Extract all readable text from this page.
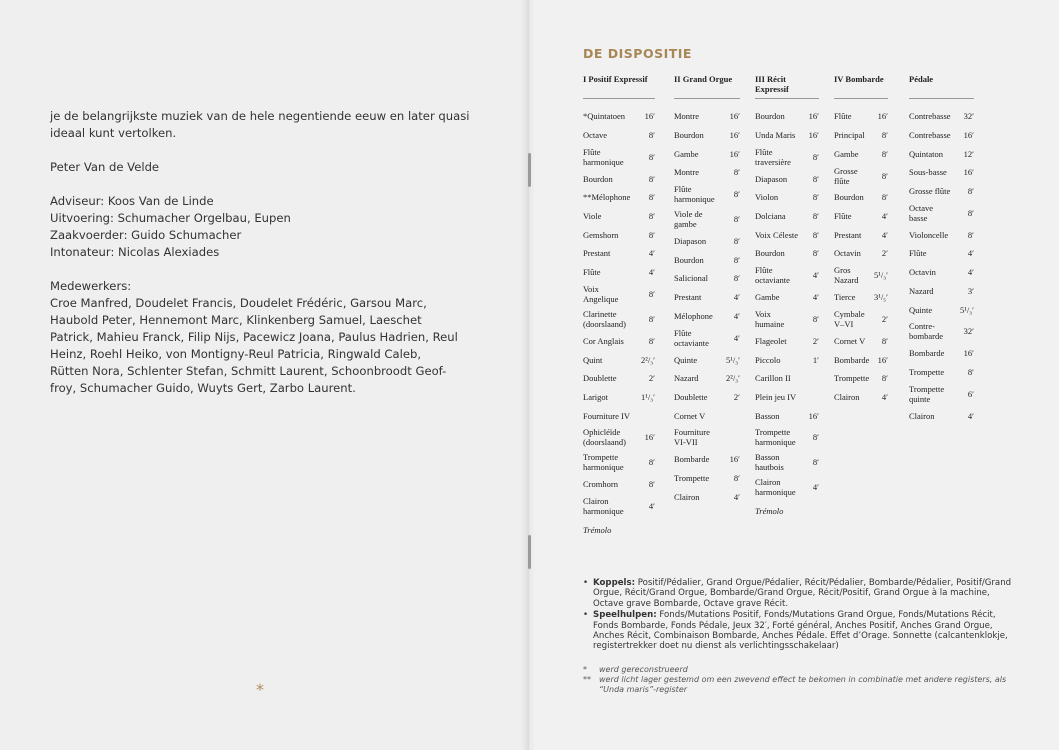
je de belangrijkste muziek van de hele negentiende eeuw en later quasi
ideaal kunt vertolken.

Peter Van de Velde

Adviseur: Koos Van de Linde
Uitvoering: Schumacher Orgelbau, Eupen
Zaakvoerder: Guido Schumacher
Intonateur: Nicolas Alexiades

Medewerkers:
Croe Manfred, Doudelet Francis, Doudelet Frédéric, Garsou Marc,
Haubold Peter, Hennemont Marc, Klinkenberg Samuel, Laeschet
Patrick, Mahieu Franck, Filip Nijs, Pacewicz Joana, Paulus Hadrien, Reul
Heinz, Roehl Heiko, von Montigny-Reul Patricia, Ringwald Caleb,
Rütten Nora, Schlenter Stefan, Schmitt Laurent, Schoonbroodt Geof-
froy, Schumacher Guido, Wuyts Gert, Zarbo Laurent.

*
DE DISPOSITIE
I Positif Expressif
*Quintatoen 16′
Octave	8′
Flûte
harmonique	8′
Bourdon	8′
**Mélophone 8′
Viole	8′
Gemshorn	8′
Prestant	4′
Flûte	4′
Voix
Angelique	8′
Clarinette
(doorslaand)	8′
Cor Anglais	8′
Quint	2²/₃′
Doublette	2′
Larigot	1¹/₃′
Fourniture IV
Ophicléïde
(doorslaand) 16′
Trompette
harmonique	8′
Cromhorn	8′
Clairon
harmonique	4′
Trémolo
II Grand Orgue
Montre	16′
Bourdon	16′
Gambe	16′
Montre	8′
Flûte
harmonique 8′
Viole de
gambe	8′
Diapason	8′
Bourdon	8′
Salicional	8′
Prestant	4′
Mélophone 4′
Flûte
octaviante	4′
Quinte	5¹/₃′
Nazard	2²/₃′
Doublette	2′
Cornet V
Fourniture
VI-VII
Bombarde 16′
Trompette	8′
Clairon	4′
III Récit
Expressif
Bourdon	16′
Unda Maris 16′
Flûte
traversière	8′
Diapason	8′
Violon	8′
Dolciana	8′
Voix Céleste 8′
Bourdon	8′
Flûte
octaviante	4′
Gambe	4′
Voix
humaine	8′
Flageolet	2′
Piccolo	1′
Carillon II
Plein jeu IV
Basson	16′
Trompette
harmonique 8′
Basson
hautbois	8′
Clairon
harmonique 4′
Trémolo
IV Bombarde
Flûte	16′
Principal 8′
Gambe	8′
Grosse
flûte	8′
Bourdon 8′
Flûte	4′
Prestant 4′
Octavin 2′
Gros
Nazard 5¹/₃′
Tierce 3¹/₅′
Cymbale
V–VI	2′
Cornet V 8′
Bombarde 16′
Trompette 8′
Clairon	4′
Pédale
Contrebasse 32′
Contrebasse 16′
Quintaton 12′
Sous-basse 16′
Grosse flûte 8′
Octave
basse	8′
Violoncelle 8′
Flûte	4′
Octavin	4′
Nazard	3′
Quinte	5¹/₃′
Contre-
bombarde 32′
Bombarde 16′
Trompette	8′
Trompette
quinte	6′
Clairon	4′
• Koppels: Positif/Pédalier, Grand Orgue/Pédalier, Récit/Pédalier, Bombarde/Pédalier, Positif/Grand Orgue, Récit/Grand Orgue, Bombarde/Grand Orgue, Récit/Positif, Grand Orgue à la machine, Octave grave Bombarde, Octave grave Récit.
• Speelhulpen: Fonds/Mutations Positif, Fonds/Mutations Grand Orgue, Fonds/Mutations Récit, Fonds Bombarde, Fonds Pédale, Jeux 32′, Forté général, Anches Positif, Anches Grand Orgue, Anches Récit, Combinaison Bombarde, Anches Pédale. Effet d’Orage. Sonnette (calcantenklokje, registertrekker doet nu dienst als verlichtingsschakelaar)
* werd gereconstrueerd
** werd licht lager gestemd om een zwevend effect te bekomen in combinatie met andere registers, als “Unda maris”-register
